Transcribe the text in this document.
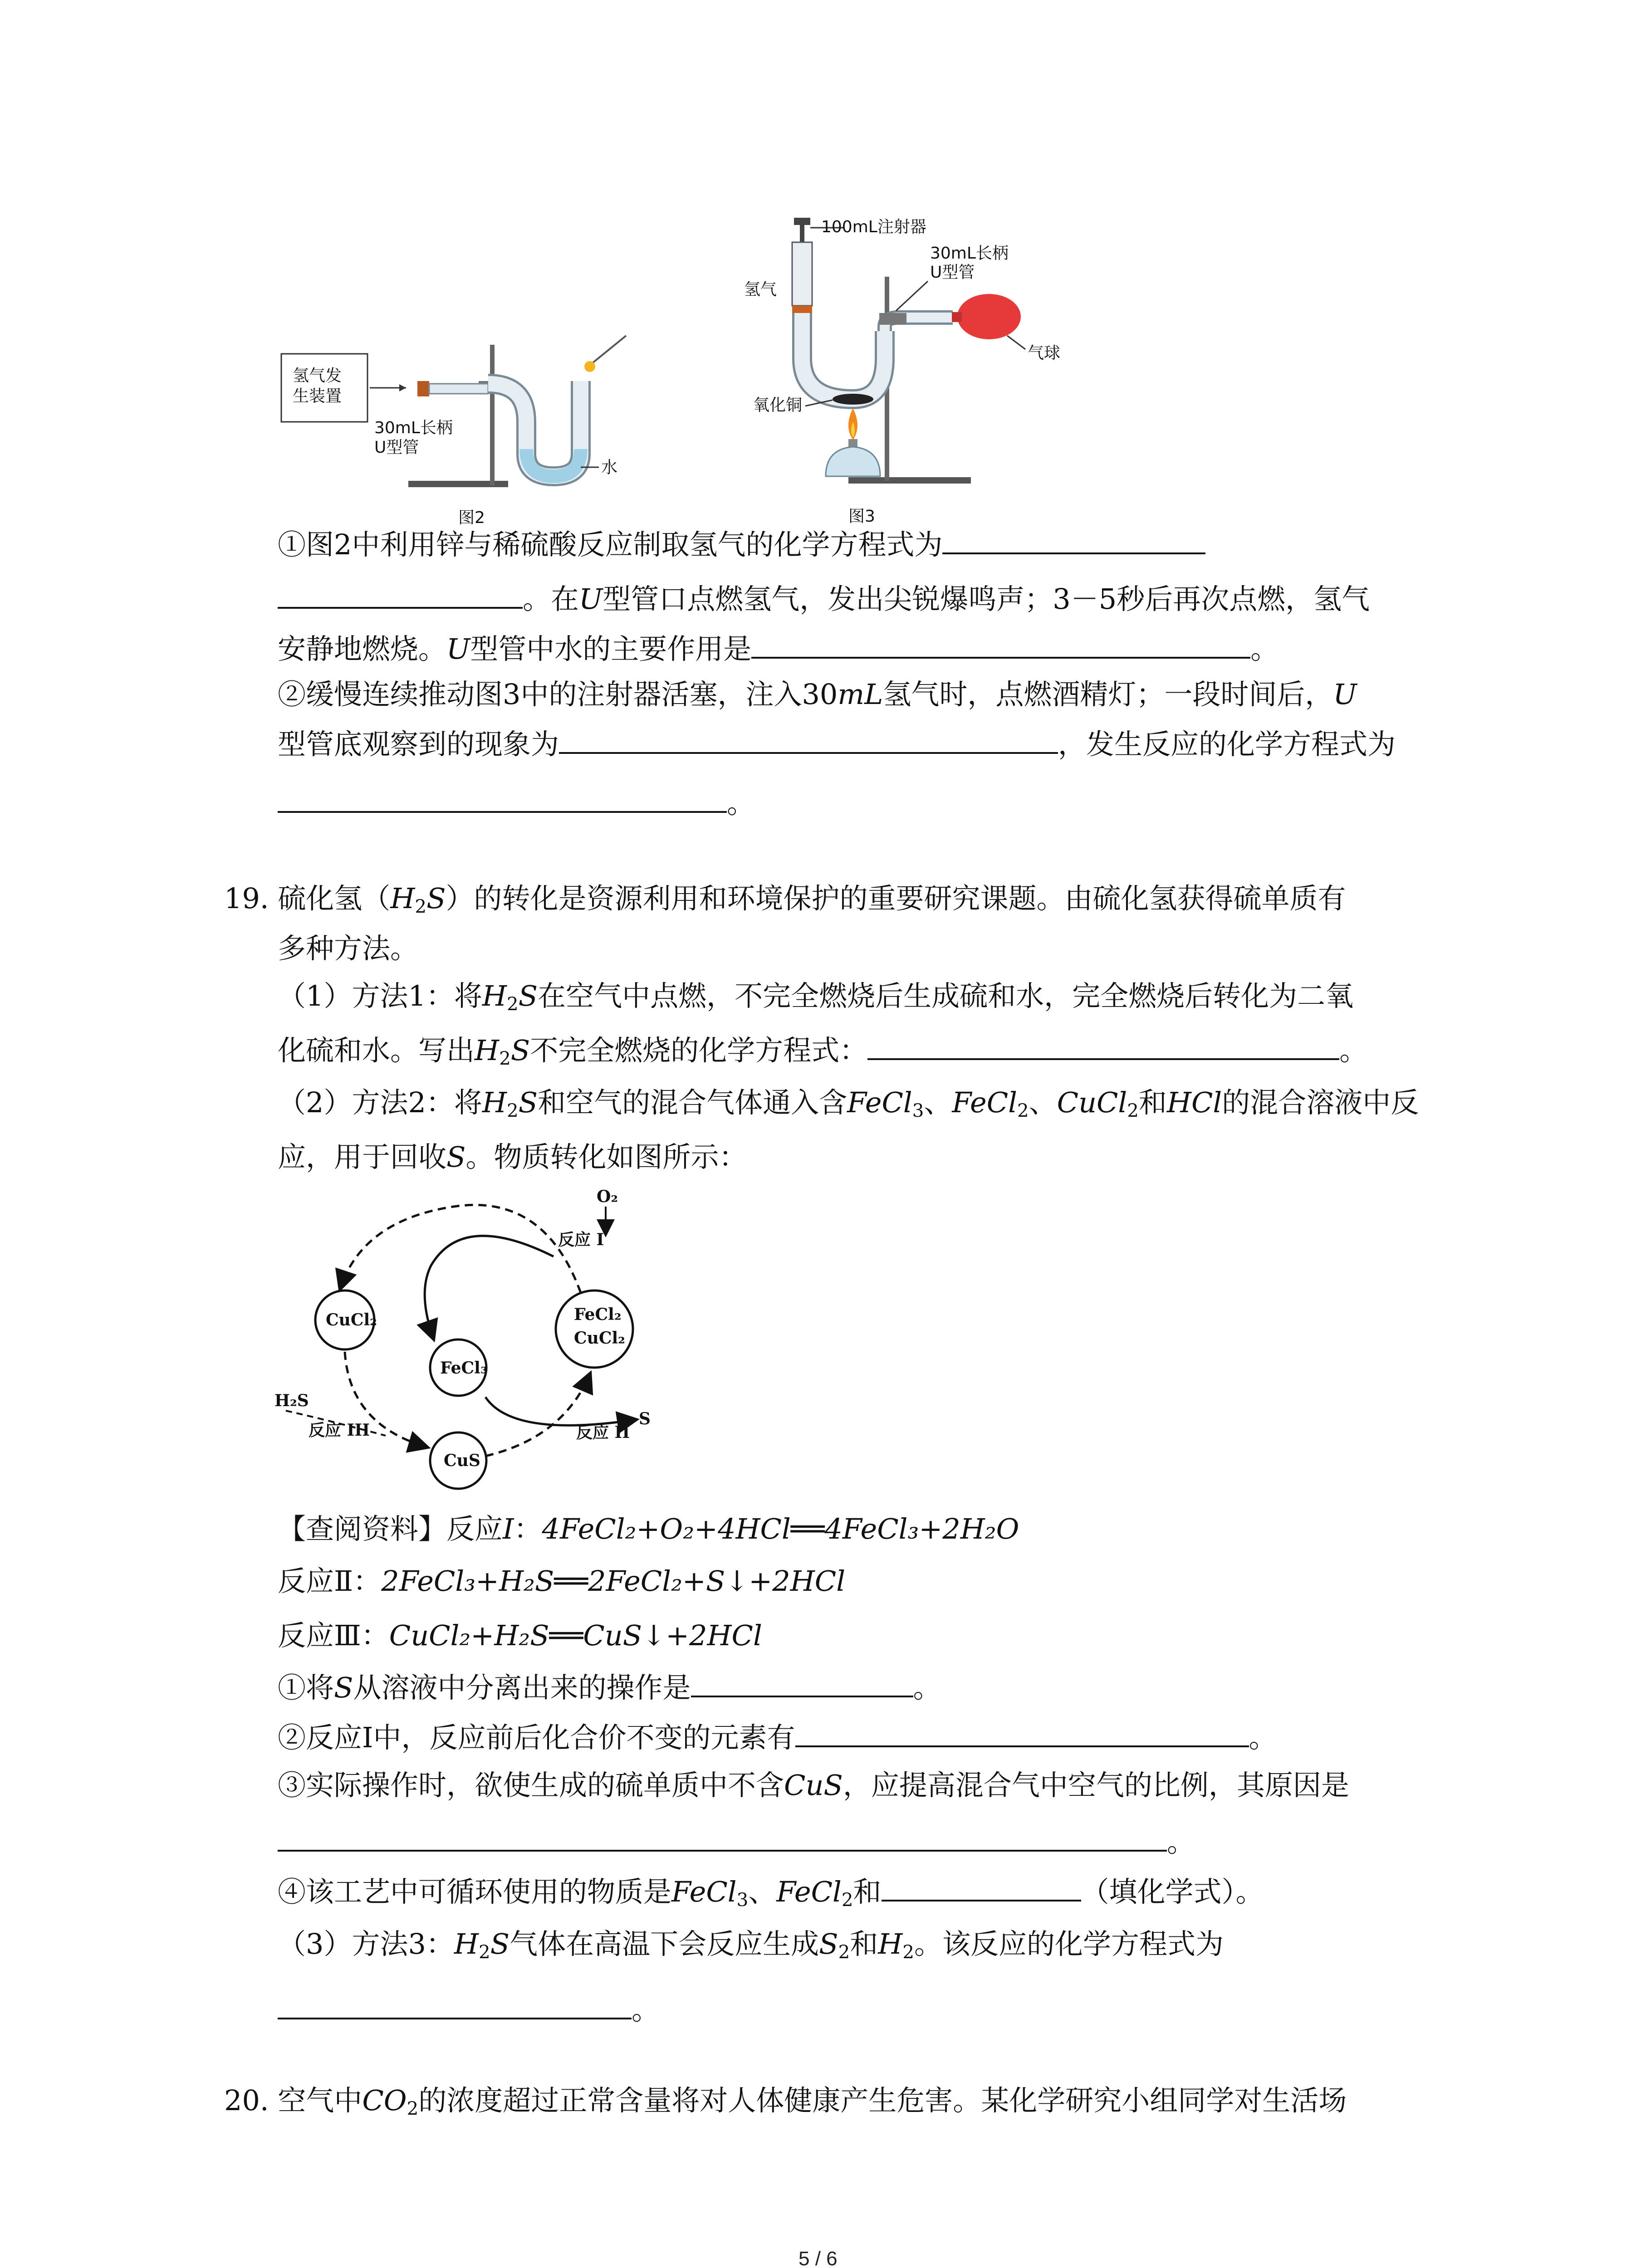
氢气发
生装置
水
30mL长柄
U型管
图2
100mL注射器
氢气
气球
30mL长柄
U型管
氧化铜
图3
①图2中利用锌与稀硫酸反应制取氢气的化学方程式为
。在U型管口点燃氢气，发出尖锐爆鸣声；3－5秒后再次点燃，氢气
安静地燃烧。U型管中水的主要作用是	。
②缓慢连续推动图3中的注射器活塞，注入30mL氢气时，点燃酒精灯；一段时间后，U
型管底观察到的现象为	，发生反应的化学方程式为
。
19. 硫化氢$(H_2S)$的转化是资源利用和环境保护的重要研究课题。由硫化氢获得硫单质有
多种方法。
（1）方法1：将$H_2S$在空气中点燃，不完全燃烧后生成硫和水，完全燃烧后转化为二氧
化硫和水。写出$H_2S$不完全燃烧的化学方程式：	。
（2）方法2：将$H_2S$和空气的混合气体通入含FeCl$_3$、FeCl$_2$、CuCl$_2$和HCl的混合溶液中反
应，用于回收S。物质转化如图所示：
O₂
反应 I
CuCl₂	FeCl₂
CuCl₂
FeCl₃
CuS
H₂S
反应 III
S
反应 II
【查阅资料】反应I：4FeCl₂+O₂+4HCl══4FeCl₃+2H₂O
反应Ⅱ：2FeCl₃+H₂S══2FeCl₂+S↓+2HCl
反应Ⅲ：CuCl₂+H₂S══CuS↓+2HCl
①将S从溶液中分离出来的操作是	。
②反应Ⅰ中，反应前后化合价不变的元素有	。
③实际操作时，欲使生成的硫单质中不含CuS，应提高混合气中空气的比例，其原因是
。
④该工艺中可循环使用的物质是FeCl$_3$、FeCl$_2$和	（填化学式）。
（3）方法3：$H_2S$气体在高温下会反应生成$S_2$和$H_2$。该反应的化学方程式为
。
20. 空气中$CO_2$的浓度超过正常含量将对人体健康产生危害。某化学研究小组同学对生活场
5 / 6
